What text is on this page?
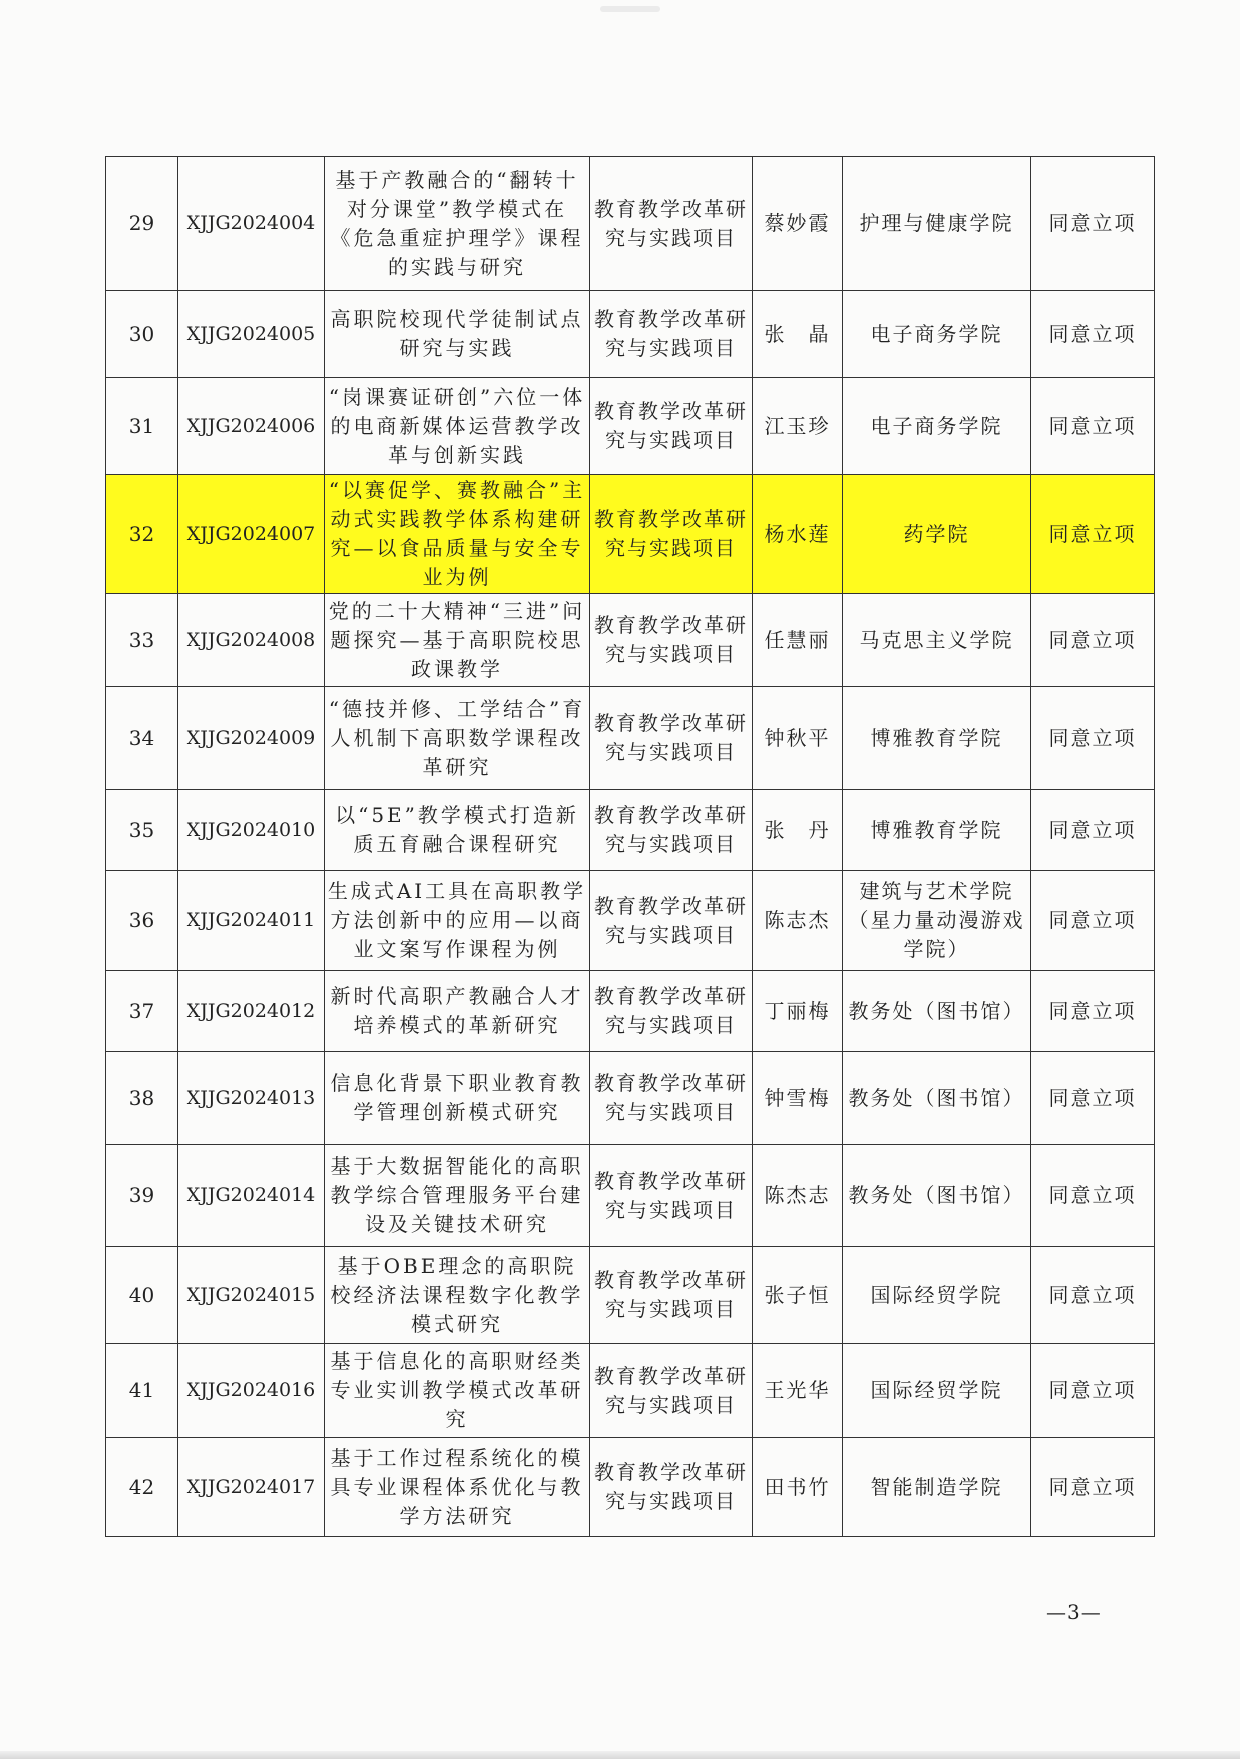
29	XJJG2024004	基于产教融合的“翻转十对分课堂”教学模式在《危急重症护理学》课程的实践与研究	教育教学改革研究与实践项目	蔡妙霞	护理与健康学院	同意立项
30	XJJG2024005	高职院校现代学徒制试点研究与实践	教育教学改革研究与实践项目	张　晶	电子商务学院	同意立项
31	XJJG2024006	“岗课赛证研创”六位一体的电商新媒体运营教学改革与创新实践	教育教学改革研究与实践项目	江玉珍	电子商务学院	同意立项
32	XJJG2024007	“以赛促学、赛教融合”主动式实践教学体系构建研究—以食品质量与安全专业为例	教育教学改革研究与实践项目	杨水莲	药学院	同意立项
33	XJJG2024008	党的二十大精神“三进”问题探究—基于高职院校思政课教学	教育教学改革研究与实践项目	任慧丽	马克思主义学院	同意立项
34	XJJG2024009	“德技并修、工学结合”育人机制下高职数学课程改革研究	教育教学改革研究与实践项目	钟秋平	博雅教育学院	同意立项
35	XJJG2024010	以“5E”教学模式打造新质五育融合课程研究	教育教学改革研究与实践项目	张　丹	博雅教育学院	同意立项
36	XJJG2024011	生成式AI工具在高职教学方法创新中的应用—以商业文案写作课程为例	教育教学改革研究与实践项目	陈志杰	建筑与艺术学院（星力量动漫游戏学院）	同意立项
37	XJJG2024012	新时代高职产教融合人才培养模式的革新研究	教育教学改革研究与实践项目	丁丽梅	教务处（图书馆）	同意立项
38	XJJG2024013	信息化背景下职业教育教学管理创新模式研究	教育教学改革研究与实践项目	钟雪梅	教务处（图书馆）	同意立项
39	XJJG2024014	基于大数据智能化的高职教学综合管理服务平台建设及关键技术研究	教育教学改革研究与实践项目	陈杰志	教务处（图书馆）	同意立项
40	XJJG2024015	基于OBE理念的高职院校经济法课程数字化教学模式研究	教育教学改革研究与实践项目	张子恒	国际经贸学院	同意立项
41	XJJG2024016	基于信息化的高职财经类专业实训教学模式改革研究	教育教学改革研究与实践项目	王光华	国际经贸学院	同意立项
42	XJJG2024017	基于工作过程系统化的模具专业课程体系优化与教学方法研究	教育教学改革研究与实践项目	田书竹	智能制造学院	同意立项
—3—
